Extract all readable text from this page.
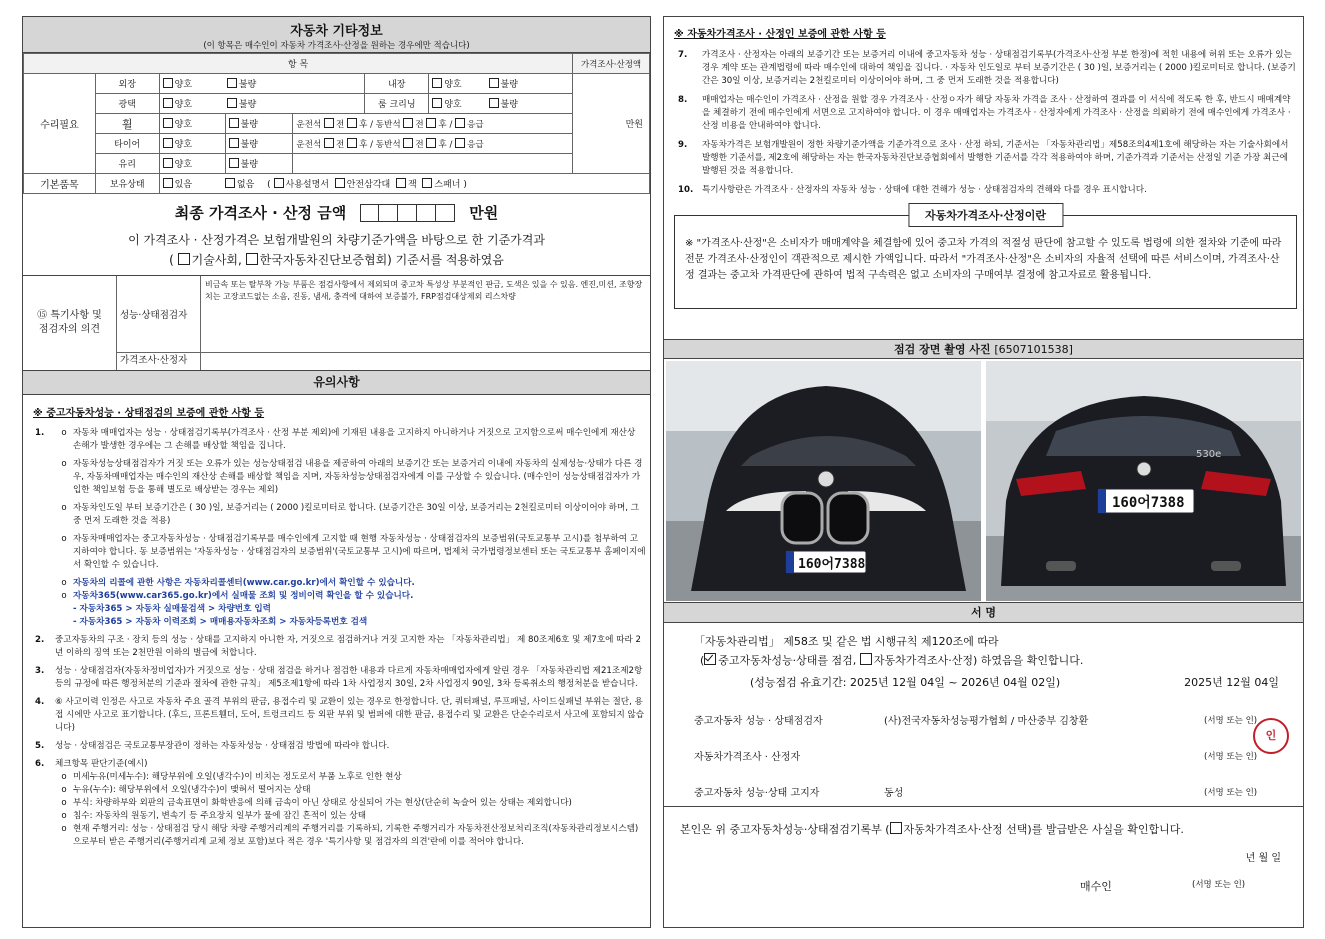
자동차 기타정보
(이 항목은 매수인이 자동차 가격조사·산정을 원하는 경우에만 적습니다)
항 목							가격조사·산정액
수리필요	외장	양호 불량			내장	양호 불량	만원
	광택	양호 불량			룸 크리닝	양호 불량	
	휠	양호	불량	운전석 전 후 / 동반석 전 후 / 응급			
	타이어	양호	불량	운전석 전 후 / 동반석 전 후 / 응급			
	유리	양호	불량				
기본품목	보유상태	있음 없음 ( 사용설명서 안전삼각대 잭 스패너 )					
최종 가격조사 · 산정 금액	만원
이 가격조사 · 산정가격은 보험개발원의 차량기준가액을 바탕으로 한 기준가격과
( 기술사회, 한국자동차진단보증협회) 기준서를 적용하였음
⑮ 특기사항 및
점검자의 의견
성능·상태점검자
비금속 또는 탈부착 가능 부품은 점검사항에서 제외되며 중고차 특성상 부분적인 판금, 도색은 있을 수 있음. 엔진,미션, 조향장치는 고장코드없는 소음, 진동, 냄새, 충격에 대하여 보증불가, FRP점검대상제외 리스차량
가격조사·산정자
유의사항
※ 중고자동차성능 · 상태점검의 보증에 관한 사항 등
1.	o 자동차 매매업자는 성능 · 상태점검기록부(가격조사 · 산정 부분 제외)에 기재된 내용을 고지하지 아니하거나 거짓으로 고지함으로써 매수인에게 재산상 손해가 발생한 경우에는 그 손해를 배상할 책임을 집니다.
o 자동차성능상태점검자가 거짓 또는 오류가 있는 성능상태점검 내용을 제공하여 아래의 보증기간 또는 보증거리 이내에 자동차의 실제성능·상태가 다른 경우, 자동차매매업자는 매수인의 재산상 손해를 배상할 책임을 지며, 자동차성능상태점검자에게 이를 구상할 수 있습니다. (매수인이 성능상태점검자가 가입한 책임보험 등을 통해 별도로 배상받는 경우는 제외)
o 자동차인도일 부터 보증기간은 ( 30 )일, 보증거리는 ( 2000 )킬로미터로 합니다. (보증기간은 30일 이상, 보증거리는 2천킬로미터 이상이어야 하며, 그 중 먼저 도래한 것을 적용)
o 자동차매매업자는 중고자동차성능 · 상태점검기록부를 매수인에게 고지할 때 현행 자동차성능 · 상태점검자의 보증범위(국토교통부 고시)를 첨부하여 고지하여야 합니다. 동 보증범위는 '자동차성능 · 상태점검자의 보증범위'(국토교통부 고시)에 따르며, 법제처 국가법령정보센터 또는 국토교통부 홈페이지에서 확인할 수 있습니다.
o 자동차의 리콜에 관한 사항은 자동차리콜센터(www.car.go.kr)에서 확인할 수 있습니다.
o 자동차365(www.car365.go.kr)에서 실매물 조회 및 정비이력 확인을 할 수 있습니다.
- 자동차365 > 자동차 실매물검색 > 차량번호 입력
- 자동차365 > 자동차 이력조회 > 매매용자동차조회 > 자동차등록번호 검색
2.	중고자동차의 구조 · 장치 등의 성능 · 상태를 고지하지 아니한 자, 거짓으로 점검하거나 거짓 고지한 자는 「자동차관리법」 제 80조제6호 및 제7호에 따라 2년 이하의 징역 또는 2천만원 이하의 벌금에 처합니다.
3.	성능 · 상태점검자(자동차정비업자)가 거짓으로 성능 · 상태 점검을 하거나 점검한 내용과 다르게 자동차매매업자에게 알린 경우 「자동차관리법 제21조제2항 등의 규정에 따른 행정처분의 기준과 절차에 관한 규칙」 제5조제1항에 따라 1차 사업정지 30일, 2차 사업정지 90일, 3차 등록취소의 행정처분을 받습니다.
4.	⑥ 사고이력 인정은 사고로 자동차 주요 골격 부위의 판금, 용접수리 및 교환이 있는 경우로 한정합니다. 단, 쿼터패널, 루프패널, 사이드실패널 부위는 절단, 용접 시에만 사고로 표기합니다. (후드, 프론트휀더, 도어, 트렁크리드 등 외판 부위 및 범퍼에 대한 판금, 용접수리 및 교환은 단순수리로서 사고에 포함되지 않습니다)
5.	성능 · 상태점검은 국토교통부장관이 정하는 자동차성능 · 상태점검 방법에 따라야 합니다.
6.	체크항목 판단기준(예시)
o 미세누유(미세누수): 해당부위에 오일(냉각수)이 비치는 정도로서 부품 노후로 인한 현상
o 누유(누수): 해당부위에서 오일(냉각수)이 맺혀서 떨어지는 상태
o 부식: 차량하부와 외판의 금속표면이 화학반응에 의해 금속이 아닌 상태로 상실되어 가는 현상(단순히 녹슬어 있는 상태는 제외합니다)
o 침수: 자동차의 원동기, 변속기 등 주요장치 일부가 물에 잠긴 흔적이 있는 상태
o 현재 주행거리: 성능 · 상태점검 당시 해당 차량 주행거리계의 주행거리를 기록하되, 기록한 주행거리가 자동차전산정보처리조직(자동차관리정보시스템)으로부터 받은 주행거리(주행거리계 교체 정보 포함)보다 적은 경우 '특기사항 및 점검자의 의견'란에 이를 적어야 합니다.
※ 자동차가격조사 · 산정인 보증에 관한 사항 등
7.	가격조사 · 산정자는 아래의 보증기간 또는 보증거리 이내에 중고자동차 성능 · 상태점검기록부(가격조사·산정 부분 한정)에 적힌 내용에 허위 또는 오류가 있는 경우 계약 또는 관계법령에 따라 매수인에 대하여 책임을 집니다. · 자동차 인도일로 부터 보증기간은 ( 30 )일, 보증거리는 ( 2000 )킬로미터로 합니다. (보증기간은 30일 이상, 보증거리는 2천킬로미터 이상이어야 하며, 그 중 먼저 도래한 것을 적용합니다)
8.	매매업자는 매수인이 가격조사 · 산정을 원할 경우 가격조사 · 산정ㅇ자가 해당 자동차 가격을 조사 · 산정하여 결과를 이 서식에 적도록 한 후, 반드시 매매계약을 체결하기 전에 매수인에게 서면으로 고지하여야 합니다. 이 경우 매매업자는 가격조사 · 산정자에게 가격조사 · 산정을 의뢰하기 전에 매수인에게 가격조사 · 산정 비용을 안내하여야 합니다.
9.	자동차가격은 보험개발원이 정한 차량기준가액을 기준가격으로 조사 · 산정 하되, 기준서는 「자동차관리법」제58조의4제1호에 해당하는 자는 기술사회에서 발행한 기준서를, 제2호에 해당하는 자는 한국자동차진단보증협회에서 발행한 기준서를 각각 적용하여야 하며, 기준가격과 기준서는 산정일 기준 가장 최근에 발행된 것을 적용합니다.
10.	특기사항란은 가격조사 · 산정자의 자동차 성능 · 상태에 대한 견해가 성능 · 상태점검자의 견해와 다를 경우 표시합니다.
자동차가격조사·산정이란
※ "가격조사·산정"은 소비자가 매매계약을 체결함에 있어 중고차 가격의 적절성 판단에 참고할 수 있도록 법령에 의한 절차와 기준에 따라 전문 가격조사·산정인이 객관적으로 제시한 가액입니다. 따라서 "가격조사·산정"은 소비자의 자율적 선택에 따른 서비스이며, 가격조사·산정 결과는 중고차 가격판단에 관하여 법적 구속력은 없고 소비자의 구매여부 결정에 참고자료로 활용됩니다.
점검 장면 촬영 사진 [6507101538]
160어7388
160어7388
530e
서 명
「자동차관리법」 제58조 및 같은 법 시행규칙 제120조에 따라
( 중고자동차성능·상태를 점검, 자동차가격조사·산정) 하였음을 확인합니다.
(성능점검 유효기간: 2025년 12월 04일 ~ 2026년 04월 02일)	2025년 12월 04일
중고자동차 성능 · 상태점검자	(사)전국자동차성능평가협회 / 마산중부 김창환	(서명 또는 인)
인
자동차가격조사 · 산정자	(서명 또는 인)
중고자동차 성능·상태 고지자	동성	(서명 또는 인)
본인은 위 중고자동차성능·상태점검기록부 ( 자동차가격조사·산정 선택)를 발급받은 사실을 확인합니다.
년 월 일
매수인	(서명 또는 인)
